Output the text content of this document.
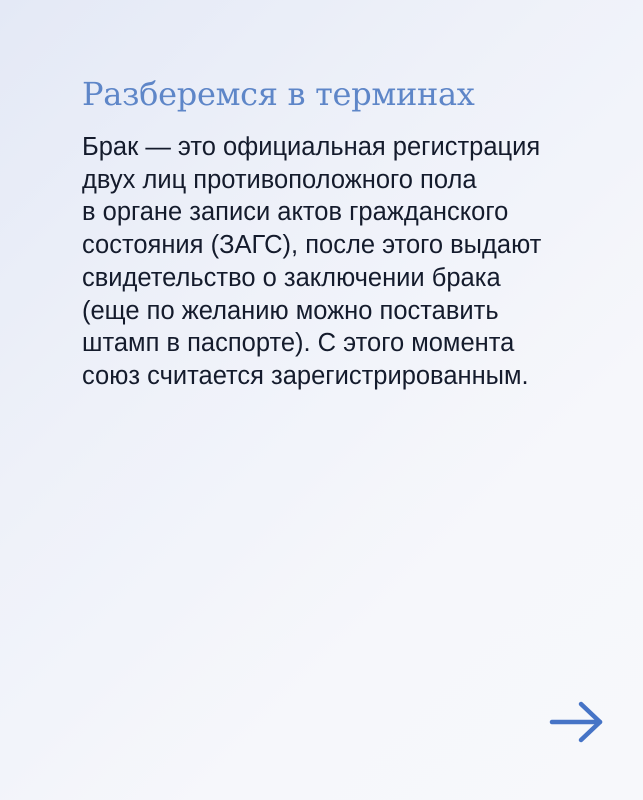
Разберемся в терминах

Брак — это официальная регистрация
двух лиц противоположного пола
в органе записи актов гражданского
состояния (ЗАГС), после этого выдают
свидетельство о заключении брака
(еще по желанию можно поставить
штамп в паспорте). С этого момента
союз считается зарегистрированным.
